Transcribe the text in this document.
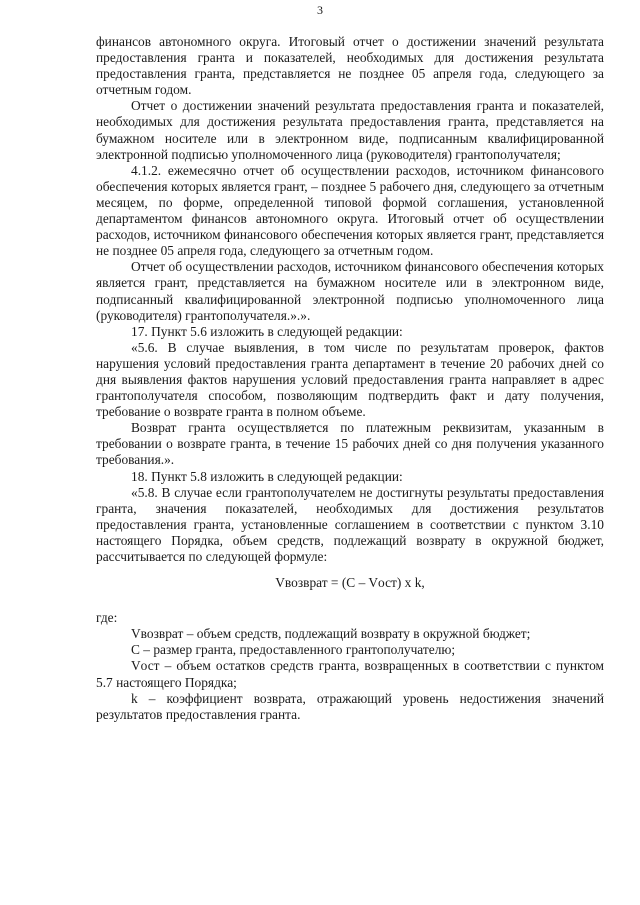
3

финансов автономного округа. Итоговый отчет о достижении значений результата предоставления гранта и показателей, необходимых для достижения результата предоставления гранта, представляется не позднее 05 апреля года, следующего за отчетным годом.

Отчет о достижении значений результата предоставления гранта и показателей, необходимых для достижения результата предоставления гранта, представляется на бумажном носителе или в электронном виде, подписанным квалифицированной электронной подписью уполномоченного лица (руководителя) грантополучателя;

4.1.2. ежемесячно отчет об осуществлении расходов, источником финансового обеспечения которых является грант, – позднее 5 рабочего дня, следующего за отчетным месяцем, по форме, определенной типовой формой соглашения, установленной департаментом финансов автономного округа. Итоговый отчет об осуществлении расходов, источником финансового обеспечения которых является грант, представляется не позднее 05 апреля года, следующего за отчетным годом.

Отчет об осуществлении расходов, источником финансового обеспечения которых является грант, представляется на бумажном носителе или в электронном виде, подписанный квалифицированной электронной подписью уполномоченного лица (руководителя) грантополучателя.».».

17. Пункт 5.6 изложить в следующей редакции:

«5.6. В случае выявления, в том числе по результатам проверок, фактов нарушения условий предоставления гранта департамент в течение 20 рабочих дней со дня выявления фактов нарушения условий предоставления гранта направляет в адрес грантополучателя способом, позволяющим подтвердить факт и дату получения, требование о возврате гранта в полном объеме.

Возврат гранта осуществляется по платежным реквизитам, указанным в требовании о возврате гранта, в течение 15 рабочих дней со дня получения указанного требования.».

18. Пункт 5.8 изложить в следующей редакции:

«5.8. В случае если грантополучателем не достигнуты результаты предоставления гранта, значения показателей, необходимых для достижения результатов предоставления гранта, установленные соглашением в соответствии с пунктом 3.10 настоящего Порядка, объем средств, подлежащий возврату в окружной бюджет, рассчитывается по следующей формуле:

Vвозврат = (C – Vост) x k,

где:

Vвозврат – объем средств, подлежащий возврату в окружной бюджет;

C – размер гранта, предоставленного грантополучателю;

Vост – объем остатков средств гранта, возвращенных в соответствии с пунктом 5.7 настоящего Порядка;

k – коэффициент возврата, отражающий уровень недостижения значений результатов предоставления гранта.
